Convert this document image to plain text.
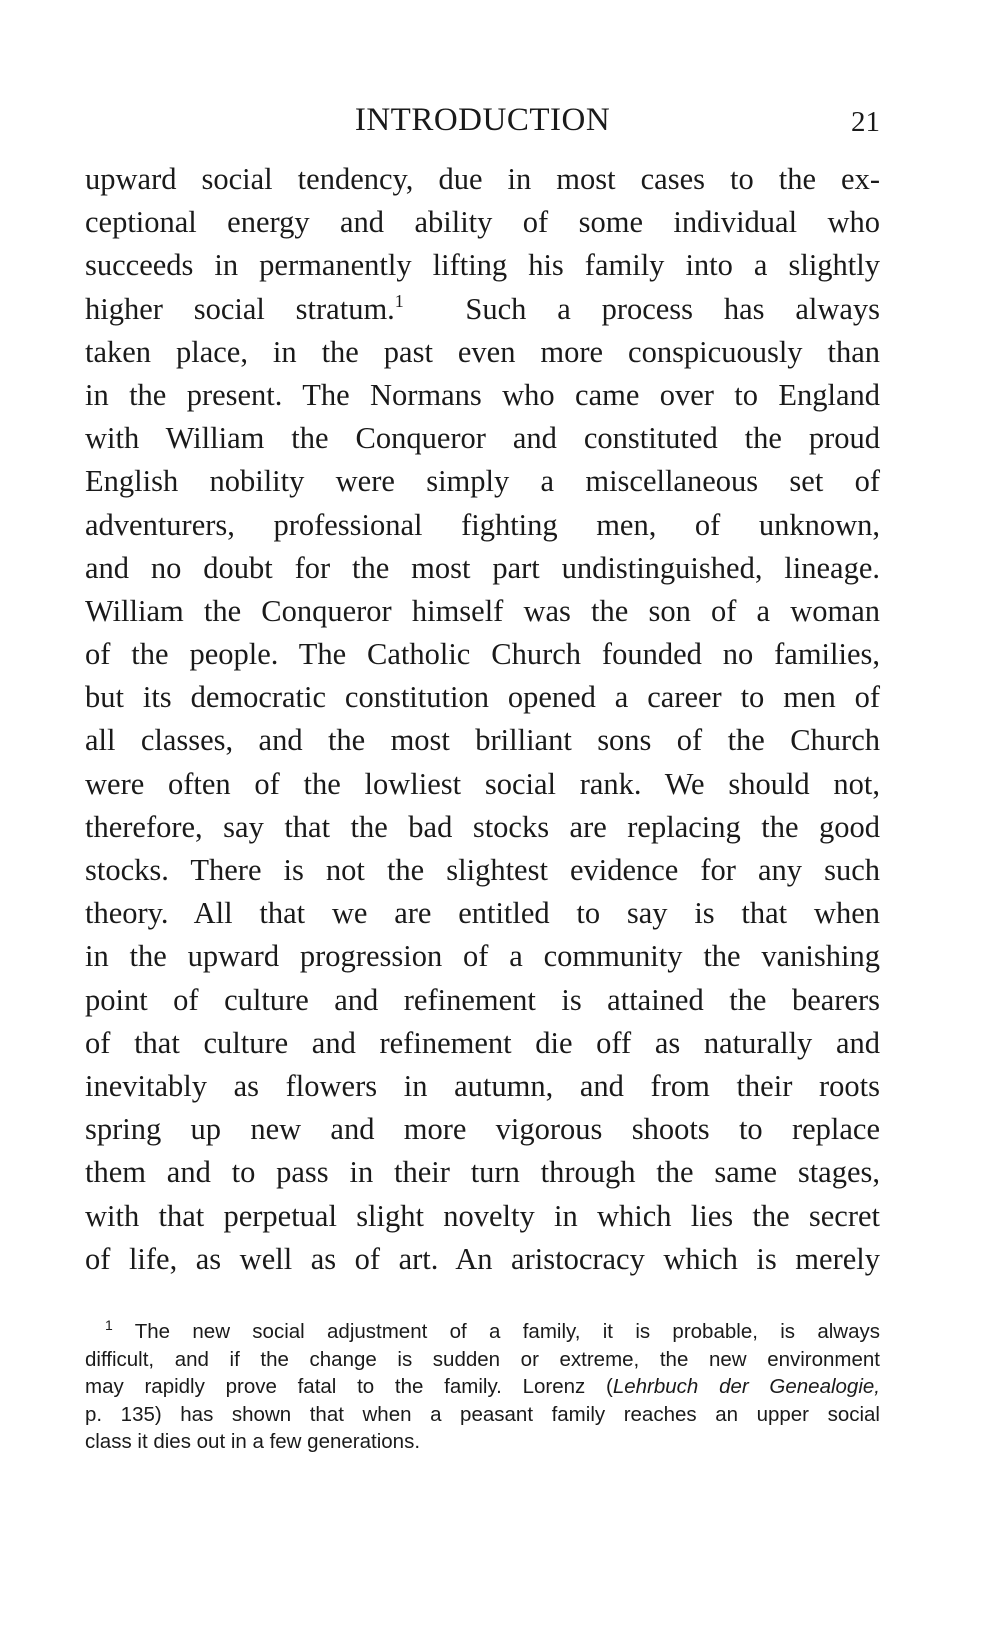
INTRODUCTION	21
upward social tendency, due in most cases to the ex-
ceptional energy and ability of some individual who
succeeds in permanently lifting his family into a slightly
higher social stratum.$^1$ Such a process has always
taken place, in the past even more conspicuously than
in the present. The Normans who came over to England
with William the Conqueror and constituted the proud
English nobility were simply a miscellaneous set of
adventurers, professional fighting men, of unknown,
and no doubt for the most part undistinguished, lineage.
William the Conqueror himself was the son of a woman
of the people. The Catholic Church founded no families,
but its democratic constitution opened a career to men of
all classes, and the most brilliant sons of the Church
were often of the lowliest social rank. We should not,
therefore, say that the bad stocks are replacing the good
stocks. There is not the slightest evidence for any such
theory. All that we are entitled to say is that when
in the upward progression of a community the vanishing
point of culture and refinement is attained the bearers
of that culture and refinement die off as naturally and
inevitably as flowers in autumn, and from their roots
spring up new and more vigorous shoots to replace
them and to pass in their turn through the same stages,
with that perpetual slight novelty in which lies the secret
of life, as well as of art. An aristocracy which is merely
$^1$ The new social adjustment of a family, it is probable, is always
difficult, and if the change is sudden or extreme, the new environment
may rapidly prove fatal to the family. Lorenz (Lehrbuch der Genealogie,
p. 135) has shown that when a peasant family reaches an upper social
class it dies out in a few generations.
